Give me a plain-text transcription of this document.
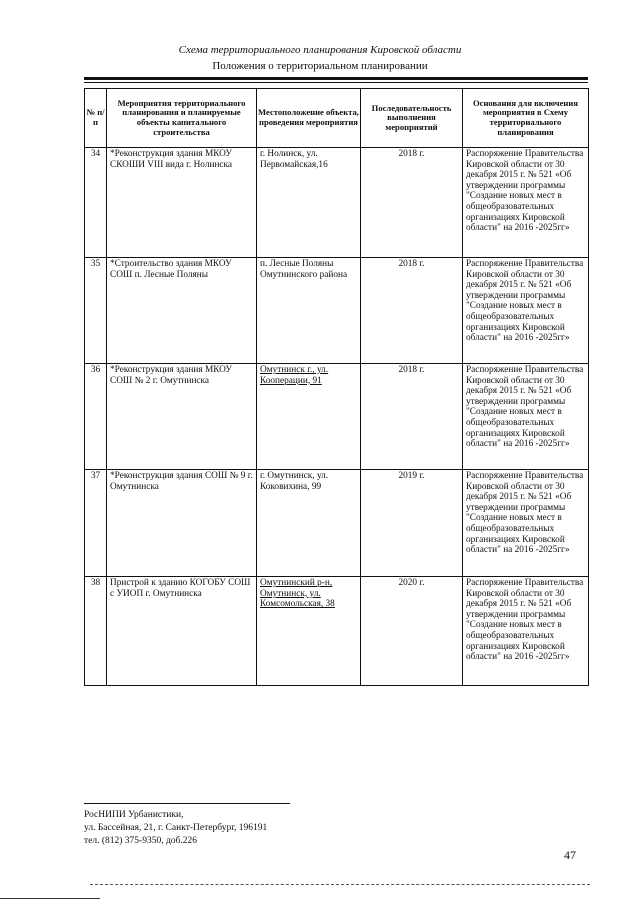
Схема территориального планирования Кировской области
Положения о территориальном планировании
№ п/п	Мероприятия территориального планирования и планируемые объекты капитального строительства	Местоположение объекта, проведения мероприятия	Последовательность выполнения мероприятий	Основания для включения мероприятия в Схему территориального планирования
34	*Реконструкция здания МКОУ СКОШИ VIII вида г. Нолинска	г. Нолинск, ул. Первомайская,16	2018 г.	Распоряжение Правительства Кировской области от 30 декабря 2015 г. № 521 «Об утверждении программы "Создание новых мест в общеобразовательных организациях Кировской области" на 2016 -2025гг»
35	*Строительство здания МКОУ СОШ п. Лесные Поляны	п. Лесные Поляны Омутнинского района	2018 г.	Распоряжение Правительства Кировской области от 30 декабря 2015 г. № 521 «Об утверждении программы "Создание новых мест в общеобразовательных организациях Кировской области" на 2016 -2025гг»
36	*Реконструкция здания МКОУ СОШ № 2 г. Омутнинска	Омутнинск г., ул. Кооперации, 91	2018 г.	Распоряжение Правительства Кировской области от 30 декабря 2015 г. № 521 «Об утверждении программы "Создание новых мест в общеобразовательных организациях Кировской области" на 2016 -2025гг»
37	*Реконструкция здания СОШ № 9 г. Омутнинска	г. Омутнинск, ул. Коковихина, 99	2019 г.	Распоряжение Правительства Кировской области от 30 декабря 2015 г. № 521 «Об утверждении программы "Создание новых мест в общеобразовательных организациях Кировской области" на 2016 -2025гг»
38	Пристрой к зданию КОГОБУ СОШ с УИОП г. Омутнинска	Омутнинский р-н, Омутнинск, ул. Комсомольская, 38	2020 г.	Распоряжение Правительства Кировской области от 30 декабря 2015 г. № 521 «Об утверждении программы "Создание новых мест в общеобразовательных организациях Кировской области" на 2016 -2025гг»
РосНИПИ Урбанистики,
ул. Бассейная, 21, г. Санкт-Петербург, 196191
тел. (812) 375-9350, доб.226
47
